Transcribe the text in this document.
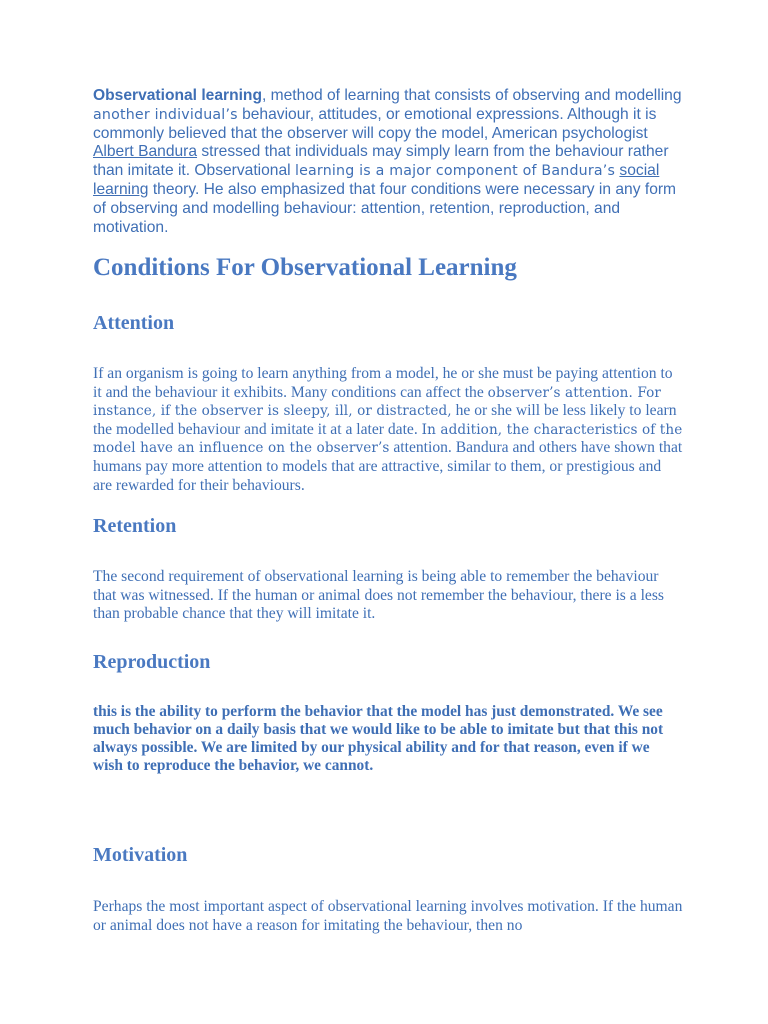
Observational learning, method of learning that consists of observing and modelling another individual’s behaviour, attitudes, or emotional expressions. Although it is commonly believed that the observer will copy the model, American psychologist Albert Bandura stressed that individuals may simply learn from the behaviour rather than imitate it. Observational learning is a major component of Bandura’s social learning theory. He also emphasized that four conditions were necessary in any form of observing and modelling behaviour: attention, retention, reproduction, and motivation.

Conditions For Observational Learning
Attention

If an organism is going to learn anything from a model, he or she must be paying attention to it and the behaviour it exhibits. Many conditions can affect the observer’s attention. For instance, if the observer is sleepy, ill, or distracted, he or she will be less likely to learn the modelled behaviour and imitate it at a later date. In addition, the characteristics of the model have an influence on the observer’s attention. Bandura and others have shown that humans pay more attention to models that are attractive, similar to them, or prestigious and are rewarded for their behaviours.

Retention

The second requirement of observational learning is being able to remember the behaviour that was witnessed. If the human or animal does not remember the behaviour, there is a less than probable chance that they will imitate it.

Reproduction

this is the ability to perform the behavior that the model has just demonstrated. We see much behavior on a daily basis that we would like to be able to imitate but that this not always possible. We are limited by our physical ability and for that reason, even if we wish to reproduce the behavior, we cannot.

Motivation

Perhaps the most important aspect of observational learning involves motivation. If the human or animal does not have a reason for imitating the behaviour, then no
